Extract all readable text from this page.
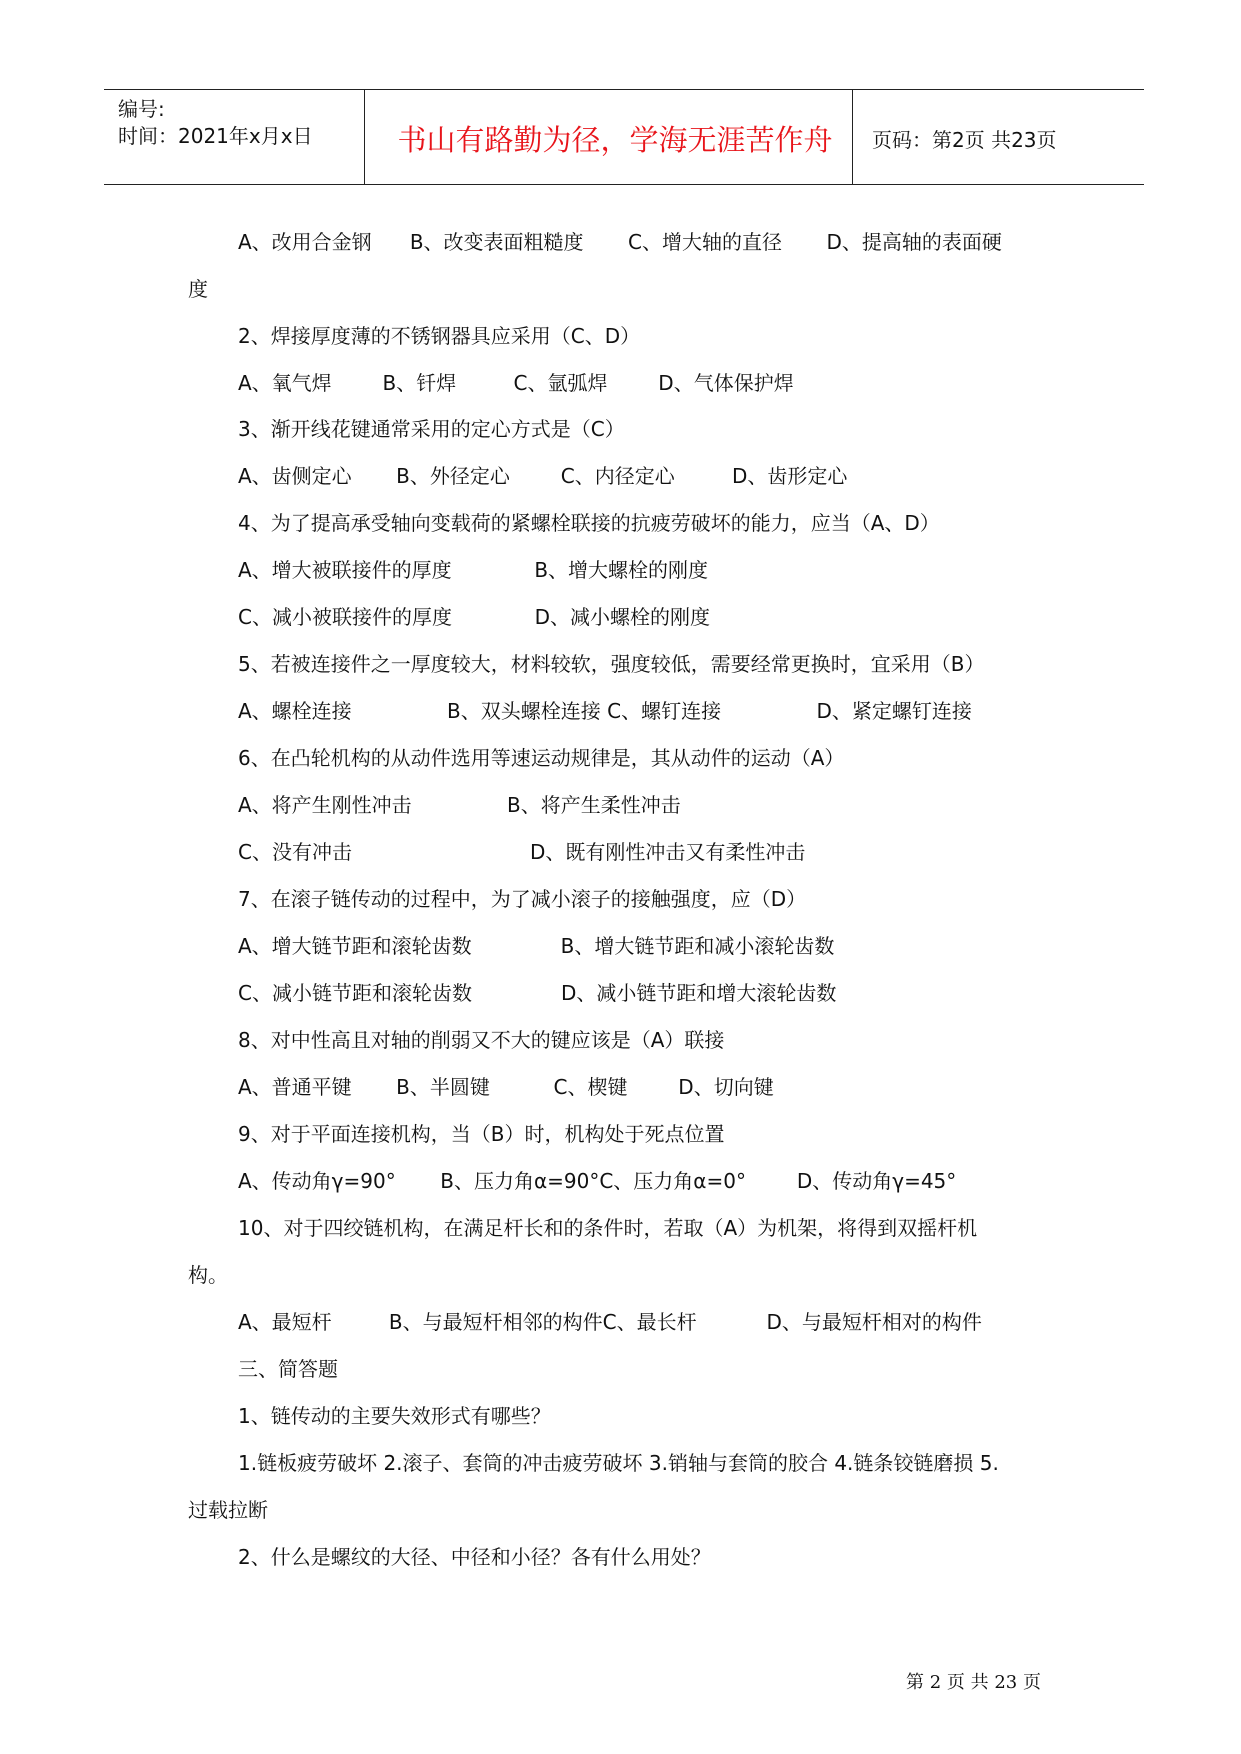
编号:
时间：2021年x月x日	书山有路勤为径，学海无涯苦作舟	页码：第2页 共23页
A、改用合金钢      B、改变表面粗糙度       C、增大轴的直径       D、提高轴的表面硬
度
2、焊接厚度薄的不锈钢器具应采用（C、D）
A、氧气焊        B、钎焊         C、氩弧焊        D、气体保护焊
3、渐开线花键通常采用的定心方式是（C）
A、齿侧定心       B、外径定心        C、内径定心         D、齿形定心
4、为了提高承受轴向变载荷的紧螺栓联接的抗疲劳破坏的能力，应当（A、D）
A、增大被联接件的厚度             B、增大螺栓的刚度
C、减小被联接件的厚度             D、减小螺栓的刚度
5、若被连接件之一厚度较大，材料较软，强度较低，需要经常更换时，宜采用（B）
A、螺栓连接               B、双头螺栓连接 C、螺钉连接               D、紧定螺钉连接
6、在凸轮机构的从动件选用等速运动规律是，其从动件的运动（A）
A、将产生刚性冲击               B、将产生柔性冲击
C、没有冲击                            D、既有刚性冲击又有柔性冲击
7、在滚子链传动的过程中，为了减小滚子的接触强度，应（D）
A、增大链节距和滚轮齿数              B、增大链节距和减小滚轮齿数
C、减小链节距和滚轮齿数              D、减小链节距和增大滚轮齿数
8、对中性高且对轴的削弱又不大的键应该是（A）联接
A、普通平键       B、半圆键          C、楔键        D、切向键
9、对于平面连接机构，当（B）时，机构处于死点位置
A、传动角γ=90°       B、压力角α=90°C、压力角α=0°        D、传动角γ=45°
10、对于四绞链机构，在满足杆长和的条件时，若取（A）为机架，将得到双摇杆机
构。
A、最短杆         B、与最短杆相邻的构件C、最长杆           D、与最短杆相对的构件
三、简答题
1、链传动的主要失效形式有哪些？
1.链板疲劳破坏 2.滚子、套筒的冲击疲劳破坏 3.销轴与套筒的胶合 4.链条铰链磨损 5.
过载拉断
2、什么是螺纹的大径、中径和小径？各有什么用处？
第 2 页 共 23 页
